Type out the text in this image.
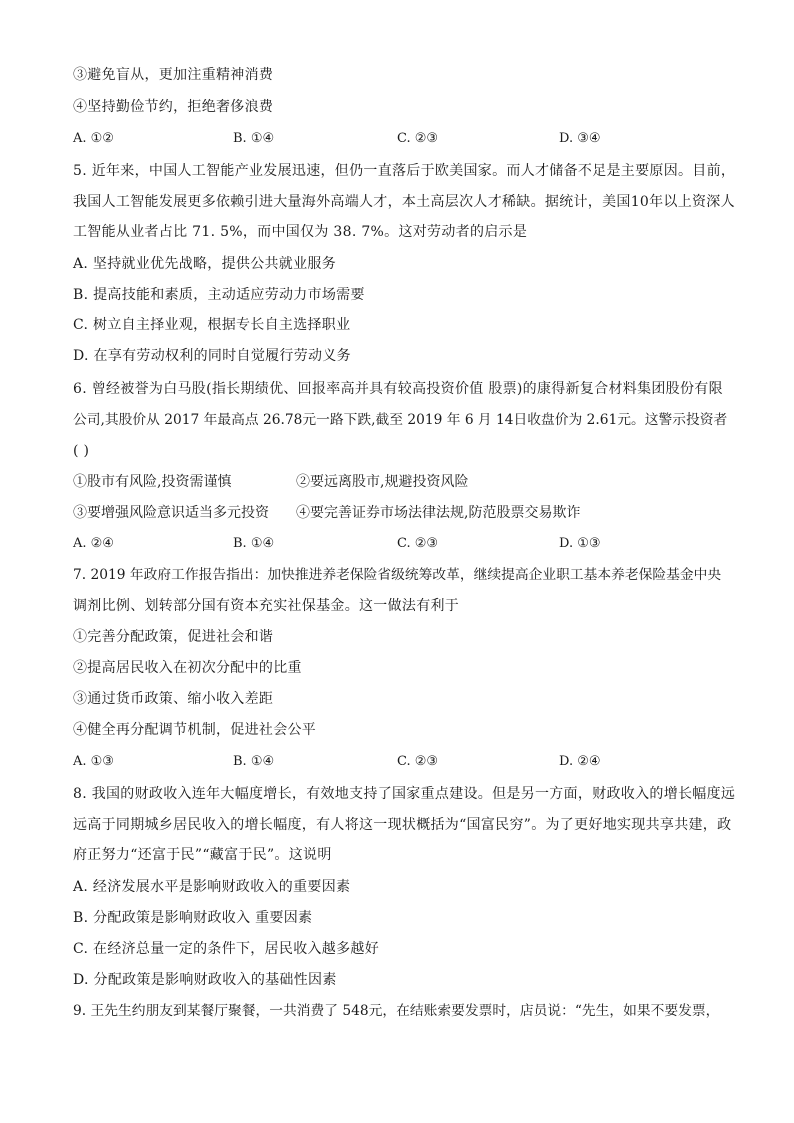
③避免盲从，更加注重精神消费
④坚持勤俭节约，拒绝奢侈浪费
A. ①②	B. ①④	C. ②③	D. ③④
5. 近年来，中国人工智能产业发展迅速，但仍一直落后于欧美国家。而人才储备不足是主要原因。目前，
我国人工智能发展更多依赖引进大量海外高端人才，本土高层次人才稀缺。据统计，美国10年以上资深人
工智能从业者占比 71. 5%，而中国仅为 38. 7%。这对劳动者的启示是
A. 坚持就业优先战略，提供公共就业服务
B. 提高技能和素质，主动适应劳动力市场需要
C. 树立自主择业观，根据专长自主选择职业
D. 在享有劳动权利的同时自觉履行劳动义务
6. 曾经被誉为白马股(指长期绩优、回报率高并具有较高投资价值 股票)的康得新复合材料集团股份有限
公司,其股价从 2017 年最高点 26.78元一路下跌,截至 2019 年 6 月 14日收盘价为 2.61元。这警示投资者
( )
①股市有风险,投资需谨慎	②要远离股市,规避投资风险
③要增强风险意识适当多元投资 ④要完善证券市场法律法规,防范股票交易欺诈
A. ②④	B. ①④	C. ②③	D. ①③
7. 2019 年政府工作报告指出：加快推进养老保险省级统筹改革，继续提高企业职工基本养老保险基金中央
调剂比例、划转部分国有资本充实社保基金。这一做法有利于
①完善分配政策，促进社会和谐
②提高居民收入在初次分配中的比重
③通过货币政策、缩小收入差距
④健全再分配调节机制，促进社会公平
A. ①③	B. ①④	C. ②③	D. ②④
8. 我国的财政收入连年大幅度增长，有效地支持了国家重点建设。但是另一方面，财政收入的增长幅度远
远高于同期城乡居民收入的增长幅度，有人将这一现状概括为“国富民穷”。为了更好地实现共享共建，政
府正努力“还富于民”“藏富于民”。这说明
A. 经济发展水平是影响财政收入的重要因素
B. 分配政策是影响财政收入 重要因素
C. 在经济总量一定的条件下，居民收入越多越好
D. 分配政策是影响财政收入的基础性因素
9. 王先生约朋友到某餐厅聚餐，一共消费了 548元，在结账索要发票时，店员说：“先生，如果不要发票，
